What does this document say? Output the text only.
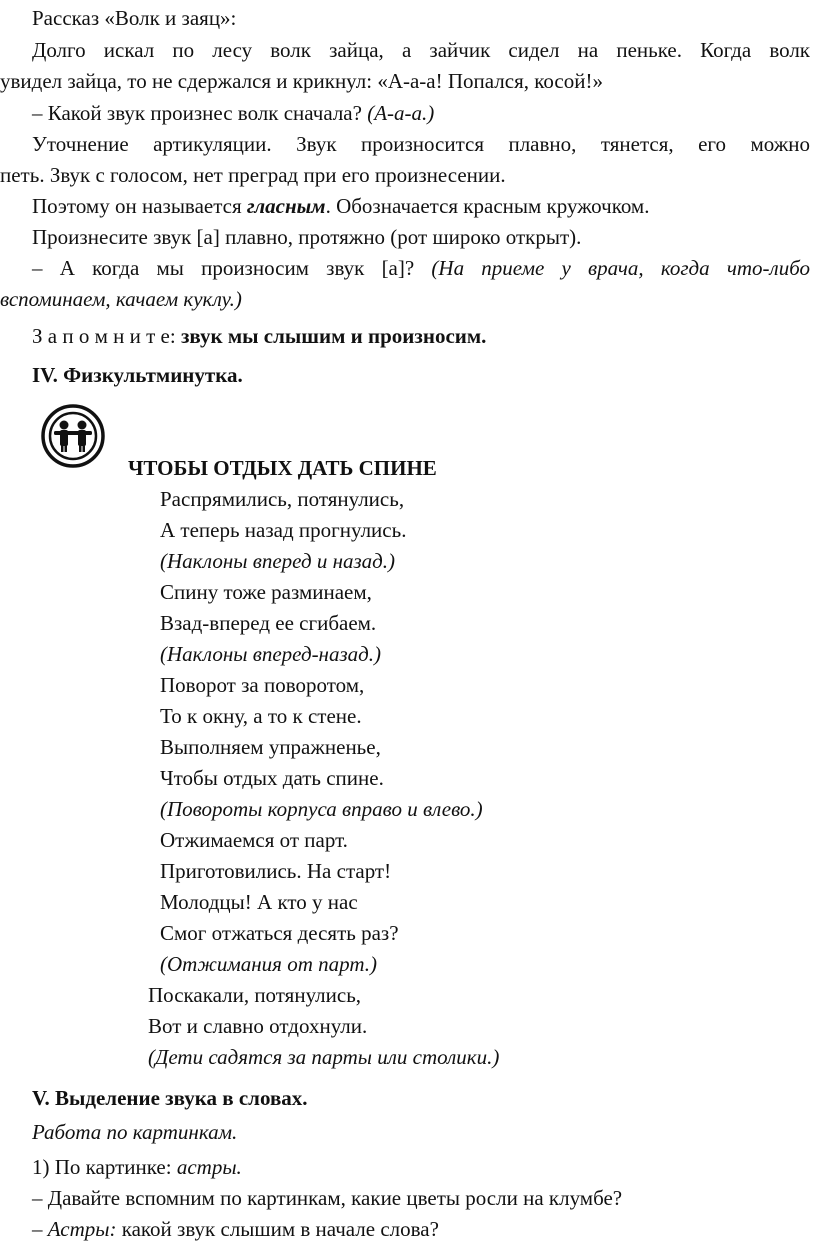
Рассказ «Волк и заяц»:
Долго искал по лесу волк зайца, а зайчик сидел на пеньке. Когда волк
увидел зайца, то не сдержался и крикнул: «А-а-а! Попался, косой!»
– Какой звук произнес волк сначала? (А-а-а.)
Уточнение артикуляции. Звук произносится плавно, тянется, его можно
петь. Звук с голосом, нет преград при его произнесении.
Поэтому он называется гласным. Обозначается красным кружочком.
Произнесите звук [а] плавно, протяжно (рот широко открыт).
– А когда мы произносим звук [а]? (На приеме у врача, когда что-либо
вспоминаем, качаем куклу.)
З а п о м н и т е: звук мы слышим и произносим.
IV. Физкультминутка.
ЧТОБЫ ОТДЫХ ДАТЬ СПИНЕ
Распрямились, потянулись,
А теперь назад прогнулись.
(Наклоны вперед и назад.)
Спину тоже разминаем,
Взад-вперед ее сгибаем.
(Наклоны вперед-назад.)
Поворот за поворотом,
То к окну, а то к стене.
Выполняем упражненье,
Чтобы отдых дать спине.
(Повороты корпуса вправо и влево.)
Отжимаемся от парт.
Приготовились. На старт!
Молодцы! А кто у нас
Смог отжаться десять раз?
(Отжимания от парт.)
Поскакали, потянулись,
Вот и славно отдохнули.
(Дети садятся за парты или столики.)
V. Выделение звука в словах.
Работа по картинкам.
1) По картинке: астры.
– Давайте вспомним по картинкам, какие цветы росли на клумбе?
– Астры: какой звук слышим в начале слова?
